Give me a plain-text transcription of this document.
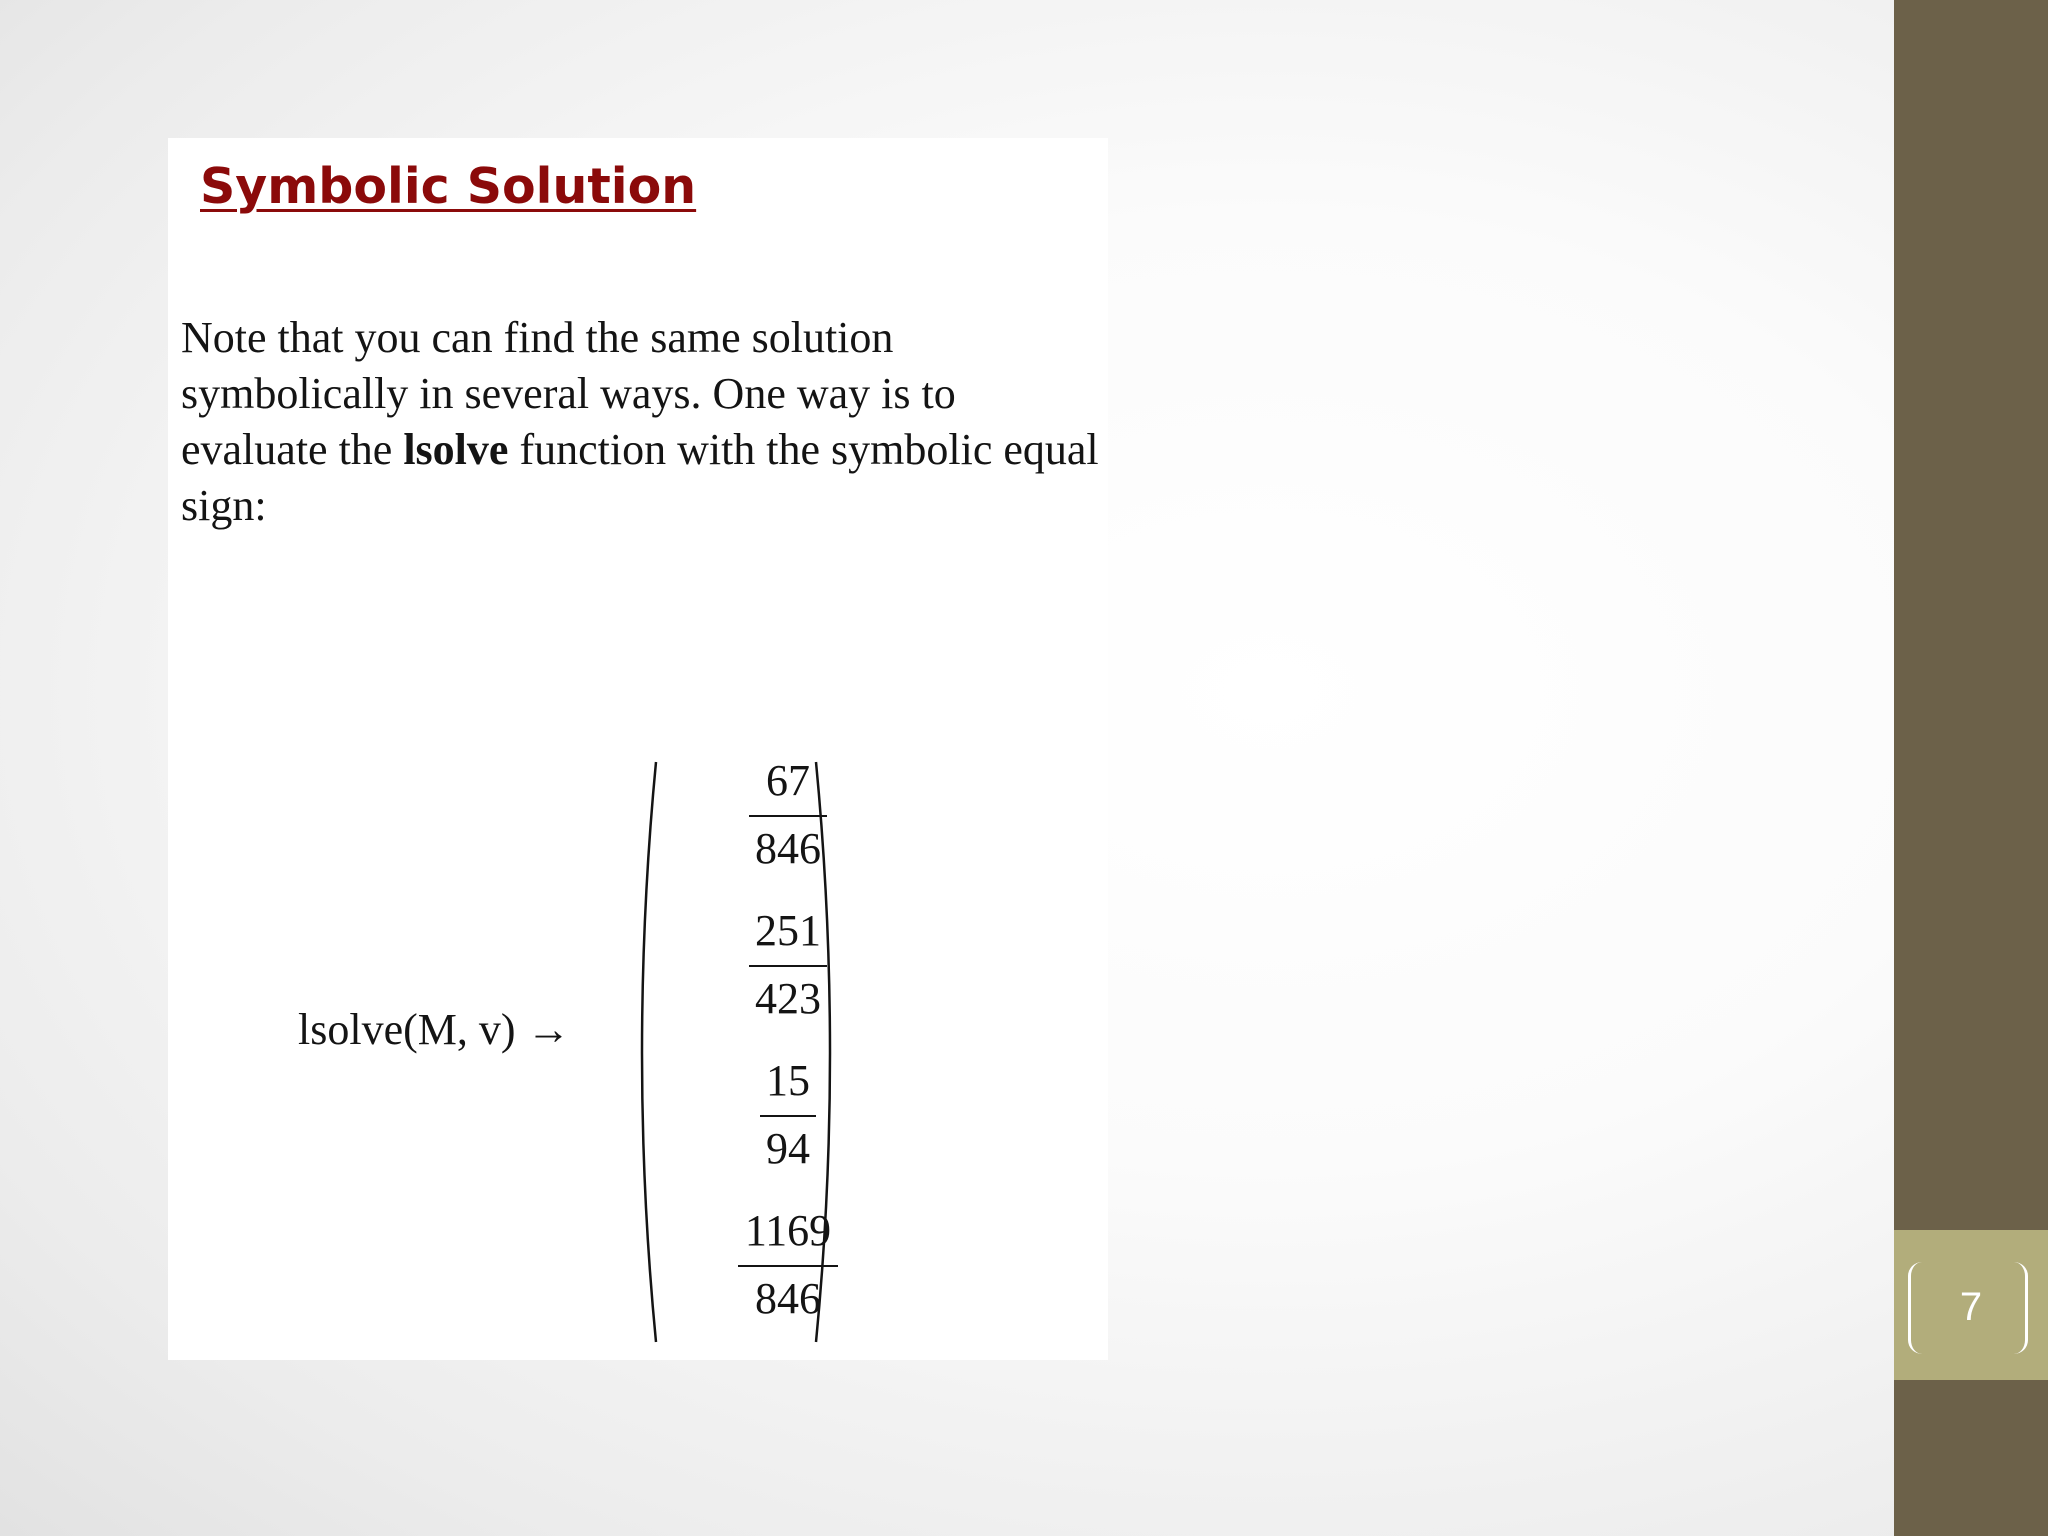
Symbolic Solution

Note that you can find the same solution symbolically in several ways. One way is to evaluate the lsolve function with the symbolic equal sign:

lsolve(M, v) →
67
846
251
423
15
94
1169
846	7
